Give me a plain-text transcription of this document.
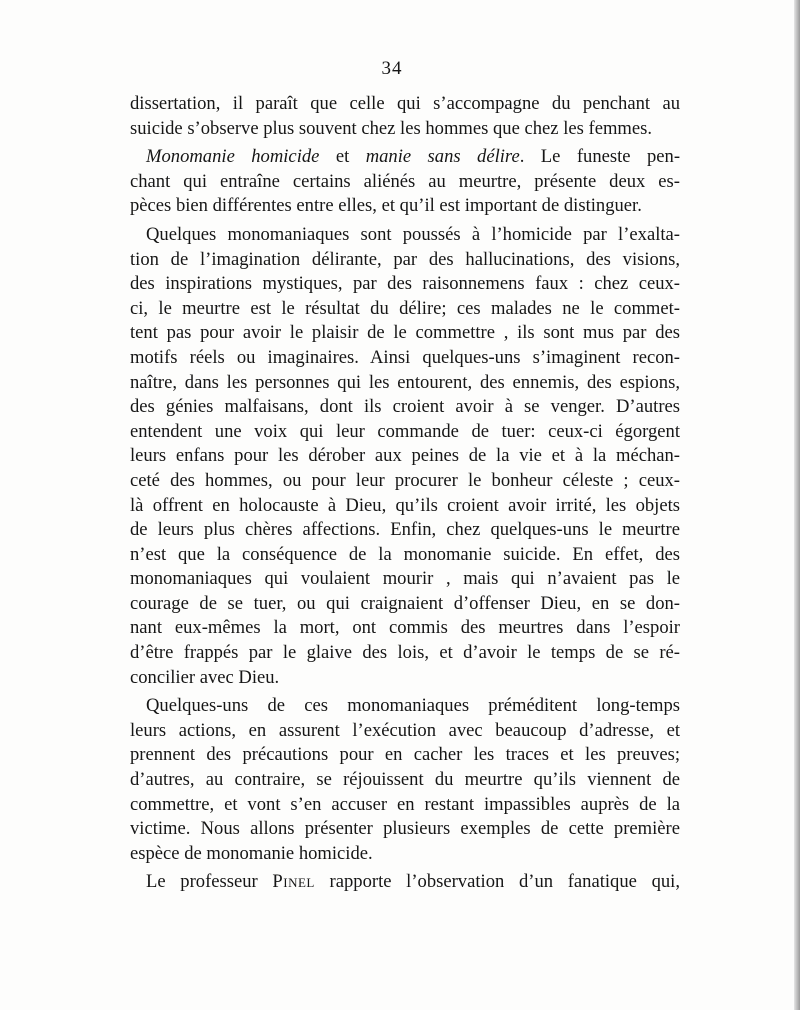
34
dissertation, il paraît que celle qui s’accompagne du penchant au
suicide s’observe plus souvent chez les hommes que chez les femmes.
Monomanie homicide et manie sans délire. Le funeste pen-
chant qui entraîne certains aliénés au meurtre, présente deux es-
pèces bien différentes entre elles, et qu’il est important de distinguer.
Quelques monomaniaques sont poussés à l’homicide par l’exalta-
tion de l’imagination délirante, par des hallucinations, des visions,
des inspirations mystiques, par des raisonnemens faux : chez ceux-
ci, le meurtre est le résultat du délire; ces malades ne le commet-
tent pas pour avoir le plaisir de le commettre , ils sont mus par des
motifs réels ou imaginaires. Ainsi quelques-uns s’imaginent recon-
naître, dans les personnes qui les entourent, des ennemis, des espions,
des génies malfaisans, dont ils croient avoir à se venger. D’autres
entendent une voix qui leur commande de tuer: ceux-ci égorgent
leurs enfans pour les dérober aux peines de la vie et à la méchan-
ceté des hommes, ou pour leur procurer le bonheur céleste ; ceux-
là offrent en holocauste à Dieu, qu’ils croient avoir irrité, les objets
de leurs plus chères affections. Enfin, chez quelques-uns le meurtre
n’est que la conséquence de la monomanie suicide. En effet, des
monomaniaques qui voulaient mourir , mais qui n’avaient pas le
courage de se tuer, ou qui craignaient d’offenser Dieu, en se don-
nant eux-mêmes la mort, ont commis des meurtres dans l’espoir
d’être frappés par le glaive des lois, et d’avoir le temps de se ré-
concilier avec Dieu.
Quelques-uns de ces monomaniaques préméditent long-temps
leurs actions, en assurent l’exécution avec beaucoup d’adresse, et
prennent des précautions pour en cacher les traces et les preuves;
d’autres, au contraire, se réjouissent du meurtre qu’ils viennent de
commettre, et vont s’en accuser en restant impassibles auprès de la
victime. Nous allons présenter plusieurs exemples de cette première
espèce de monomanie homicide.
Le professeur Pinel rapporte l’observation d’un fanatique qui,
